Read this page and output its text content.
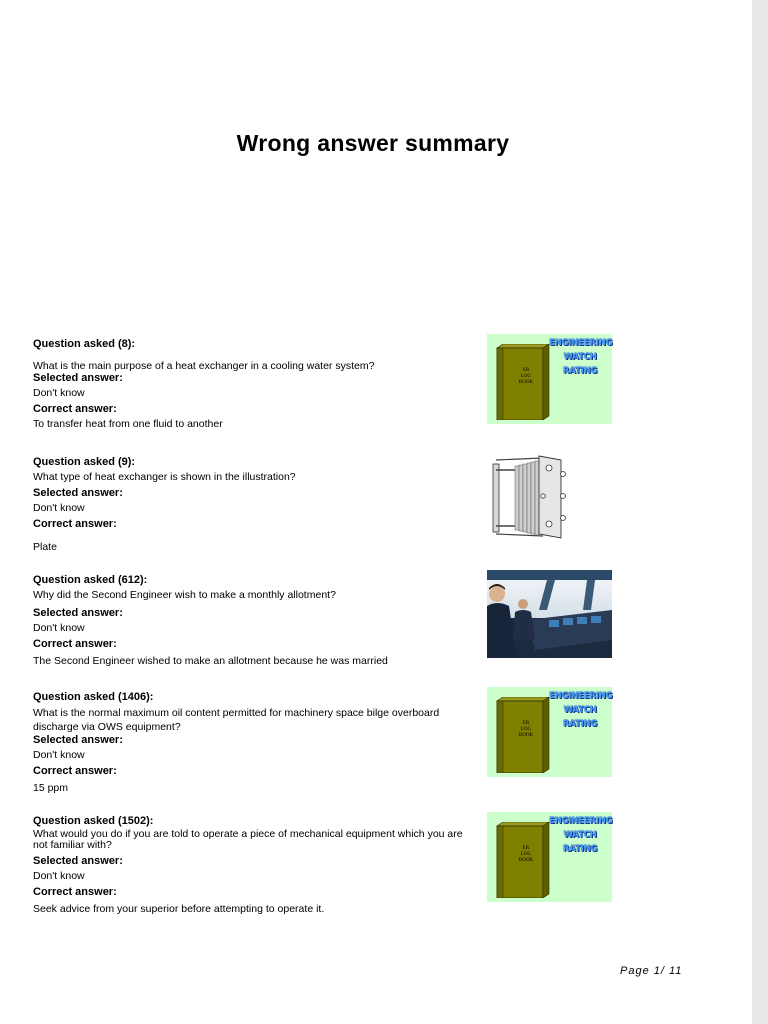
Wrong answer summary
Question asked (8):
What is the main purpose of a heat exchanger in a cooling water system?
Selected answer:
Don't know
Correct answer:
To transfer heat from one fluid to another
Question asked (9):
What type of heat exchanger is shown in the illustration?
Selected answer:
Don't know
Correct answer:
Plate
Question asked (612):
Why did the Second Engineer wish to make a monthly allotment?
Selected answer:
Don't know
Correct answer:
The Second Engineer wished to make an allotment because he was married
Question asked (1406):
What is the normal maximum oil content permitted for machinery space bilge overboard discharge via OWS equipment?
Selected answer:
Don't know
Correct answer:
15 ppm
Question asked (1502):
What would you do if you are told to operate a piece of mechanical equipment which you are not familiar with?
Selected answer:
Don't know
Correct answer:
Seek advice from your superior before attempting to operate it.
ER
LOG
BOOK
ENGINEERING
WATCH
RATING
ER
LOG
BOOK
ENGINEERING
WATCH
RATING
ER
LOG
BOOK
ENGINEERING
WATCH
RATING
Page 1/ 11
